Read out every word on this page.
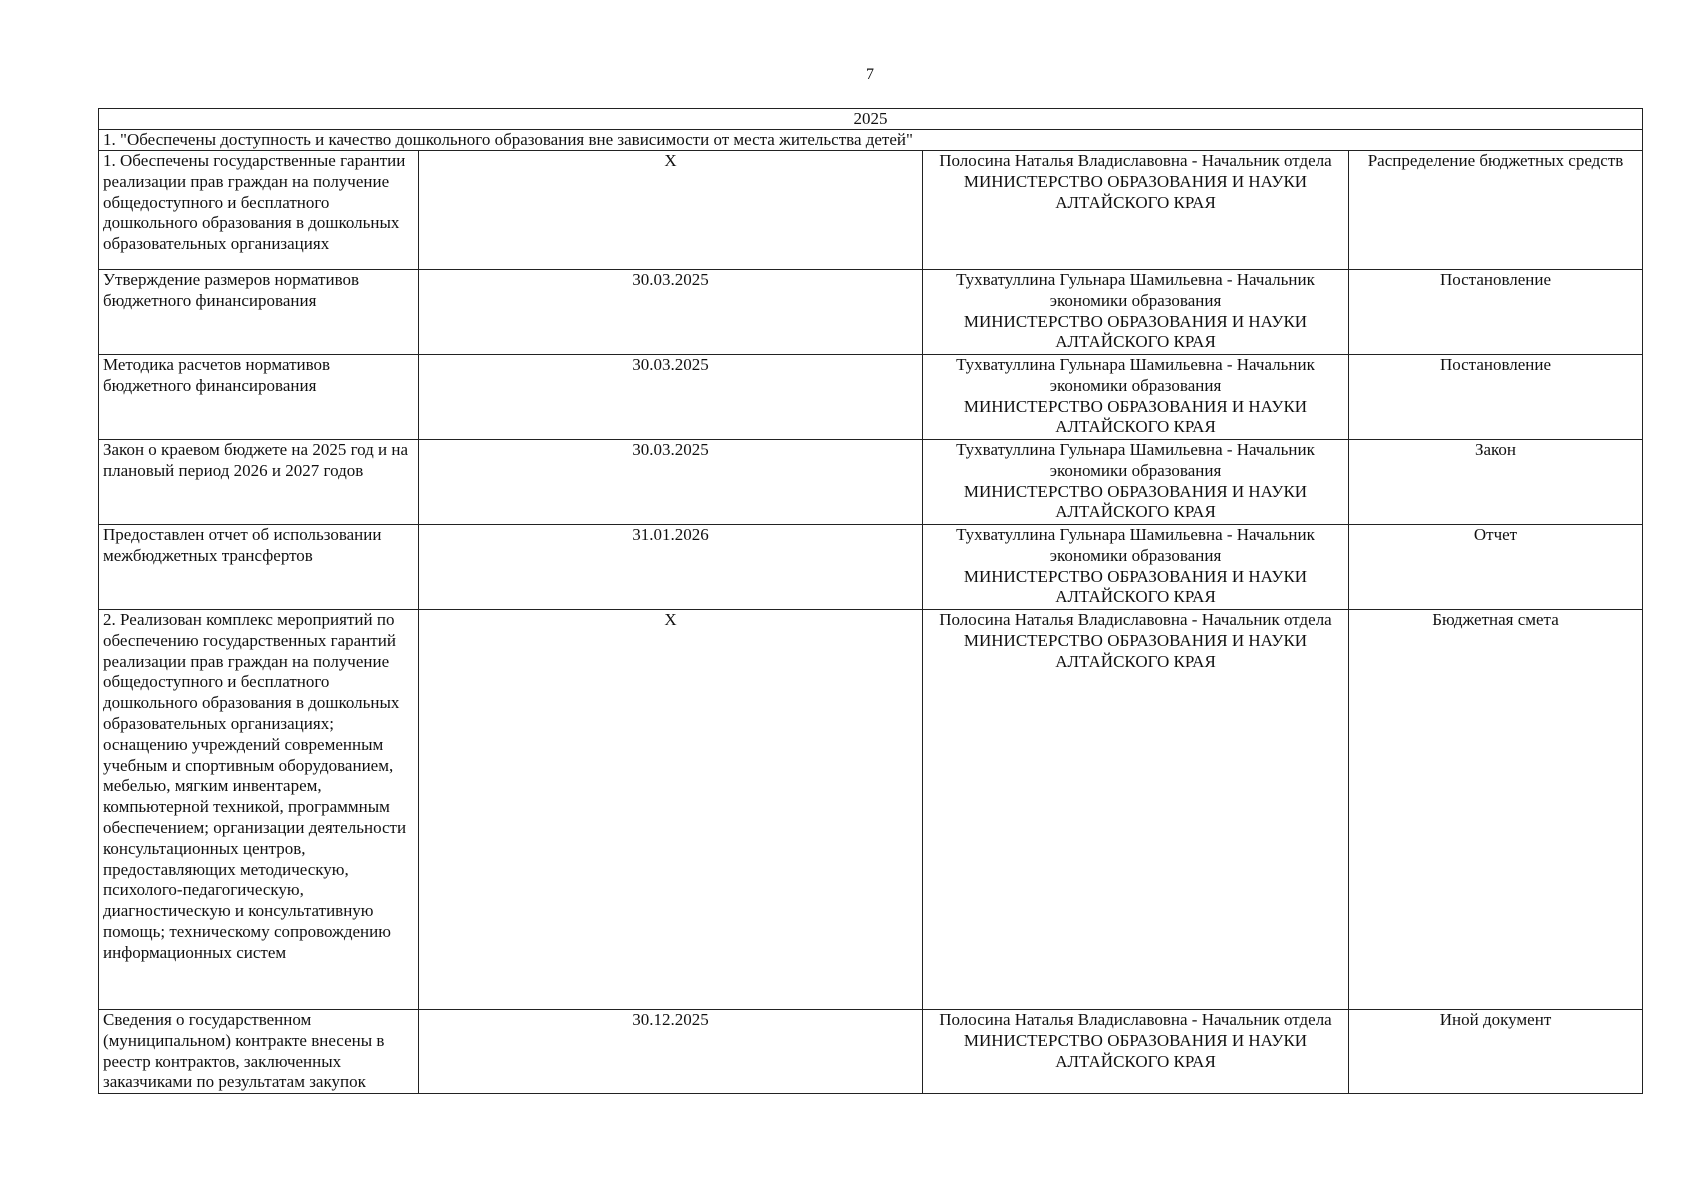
7
2025			
1. "Обеспечены доступность и качество дошкольного образования вне зависимости от места жительства детей"			
1. Обеспечены государственные гарантии реализации прав граждан на получение общедоступного и бесплатного дошкольного образования в дошкольных образовательных организациях	X	Полосина Наталья Владиславовна - Начальник отдела
МИНИСТЕРСТВО ОБРАЗОВАНИЯ И НАУКИ АЛТАЙСКОГО КРАЯ	Распределение бюджетных средств
Утверждение размеров нормативов бюджетного финансирования	30.03.2025	Тухватуллина Гульнара Шамильевна - Начальник экономики образования
МИНИСТЕРСТВО ОБРАЗОВАНИЯ И НАУКИ АЛТАЙСКОГО КРАЯ	Постановление
Методика расчетов нормативов бюджетного финансирования	30.03.2025	Тухватуллина Гульнара Шамильевна - Начальник экономики образования
МИНИСТЕРСТВО ОБРАЗОВАНИЯ И НАУКИ АЛТАЙСКОГО КРАЯ	Постановление
Закон о краевом бюджете на 2025 год и на плановый период 2026 и 2027 годов	30.03.2025	Тухватуллина Гульнара Шамильевна - Начальник экономики образования
МИНИСТЕРСТВО ОБРАЗОВАНИЯ И НАУКИ АЛТАЙСКОГО КРАЯ	Закон
Предоставлен отчет об использовании межбюджетных трансфертов	31.01.2026	Тухватуллина Гульнара Шамильевна - Начальник экономики образования
МИНИСТЕРСТВО ОБРАЗОВАНИЯ И НАУКИ АЛТАЙСКОГО КРАЯ	Отчет
2. Реализован комплекс мероприятий по обеспечению государственных гарантий реализации прав граждан на получение общедоступного и бесплатного дошкольного образования в дошкольных образовательных организациях; оснащению учреждений современным учебным и спортивным оборудованием, мебелью, мягким инвентарем, компьютерной техникой, программным обеспечением; организации деятельности консультационных центров, предоставляющих методическую, психолого-педагогическую, диагностическую и консультативную помощь; техническому сопровождению информационных систем	X	Полосина Наталья Владиславовна - Начальник отдела
МИНИСТЕРСТВО ОБРАЗОВАНИЯ И НАУКИ АЛТАЙСКОГО КРАЯ	Бюджетная смета
Сведения о государственном (муниципальном) контракте внесены в реестр контрактов, заключенных заказчиками по результатам закупок	30.12.2025	Полосина Наталья Владиславовна - Начальник отдела
МИНИСТЕРСТВО ОБРАЗОВАНИЯ И НАУКИ АЛТАЙСКОГО КРАЯ	Иной документ
